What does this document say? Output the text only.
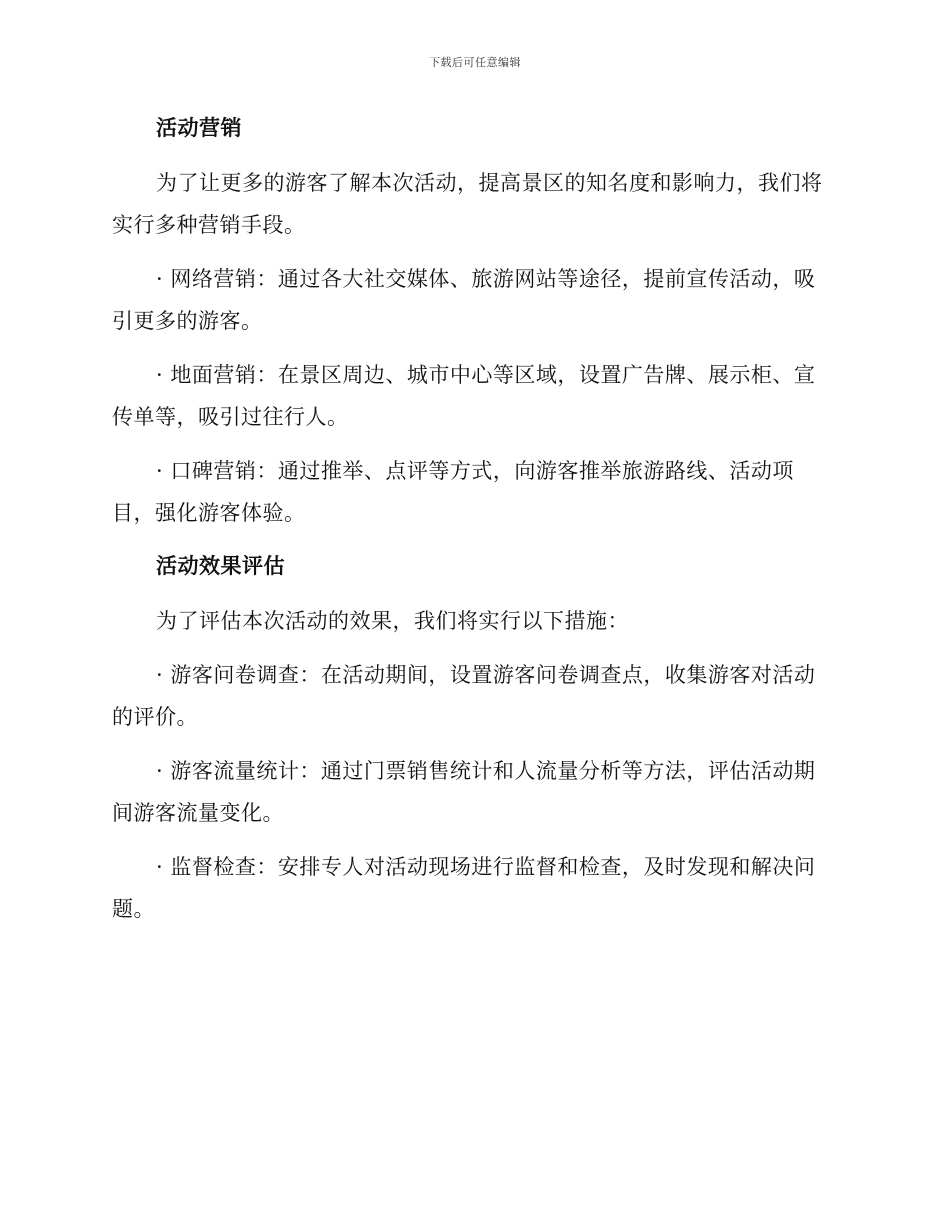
下载后可任意编辑
活动营销

为了让更多的游客了解本次活动，提高景区的知名度和影响力，我们将实行多种营销手段。

· 网络营销：通过各大社交媒体、旅游网站等途径，提前宣传活动，吸引更多的游客。

· 地面营销：在景区周边、城市中心等区域，设置广告牌、展示柜、宣传单等，吸引过往行人。

· 口碑营销：通过推举、点评等方式，向游客推举旅游路线、活动项目，强化游客体验。

活动效果评估

为了评估本次活动的效果，我们将实行以下措施：

· 游客问卷调查：在活动期间，设置游客问卷调查点，收集游客对活动的评价。

· 游客流量统计：通过门票销售统计和人流量分析等方法，评估活动期间游客流量变化。

· 监督检查：安排专人对活动现场进行监督和检查，及时发现和解决问题。
